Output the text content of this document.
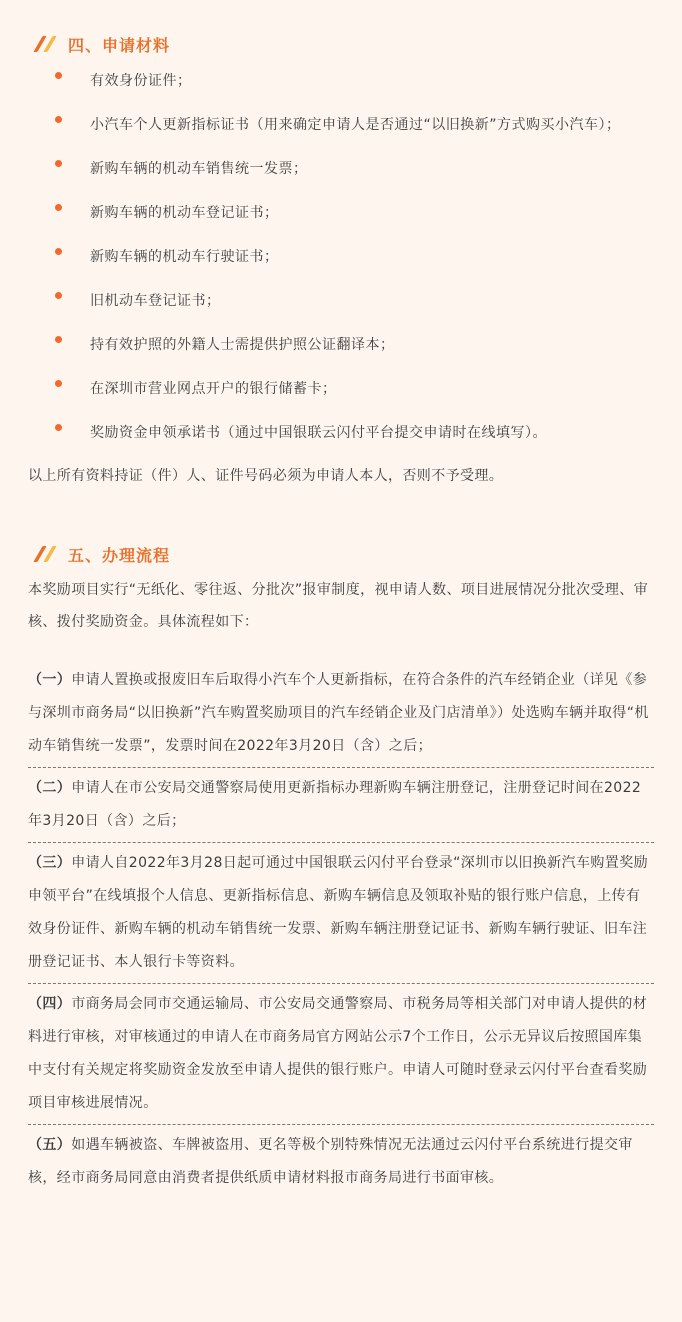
四、申请材料
有效身份证件；
小汽车个人更新指标证书（用来确定申请人是否通过“以旧换新”方式购买小汽车）；
新购车辆的机动车销售统一发票；
新购车辆的机动车登记证书；
新购车辆的机动车行驶证书；
旧机动车登记证书；
持有效护照的外籍人士需提供护照公证翻译本；
在深圳市营业网点开户的银行储蓄卡；
奖励资金申领承诺书（通过中国银联云闪付平台提交申请时在线填写）。

以上所有资料持证（件）人、证件号码必须为申请人本人，否则不予受理。

五、办理流程

本奖励项目实行“无纸化、零往返、分批次”报审制度，视申请人数、项目进展情况分批次受理、审核、拨付奖励资金。具体流程如下：

（一）申请人置换或报废旧车后取得小汽车个人更新指标，在符合条件的汽车经销企业（详见《参与深圳市商务局“以旧换新”汽车购置奖励项目的汽车经销企业及门店清单》）处选购车辆并取得“机动车销售统一发票”，发票时间在2022年3月20日（含）之后；
（二）申请人在市公安局交通警察局使用更新指标办理新购车辆注册登记，注册登记时间在2022年3月20日（含）之后；
（三）申请人自2022年3月28日起可通过中国银联云闪付平台登录“深圳市以旧换新汽车购置奖励申领平台”在线填报个人信息、更新指标信息、新购车辆信息及领取补贴的银行账户信息，上传有效身份证件、新购车辆的机动车销售统一发票、新购车辆注册登记证书、新购车辆行驶证、旧车注册登记证书、本人银行卡等资料。
（四）市商务局会同市交通运输局、市公安局交通警察局、市税务局等相关部门对申请人提供的材料进行审核，对审核通过的申请人在市商务局官方网站公示7个工作日，公示无异议后按照国库集中支付有关规定将奖励资金发放至申请人提供的银行账户。申请人可随时登录云闪付平台查看奖励项目审核进展情况。
（五）如遇车辆被盗、车牌被盗用、更名等极个别特殊情况无法通过云闪付平台系统进行提交审核，经市商务局同意由消费者提供纸质申请材料报市商务局进行书面审核。
